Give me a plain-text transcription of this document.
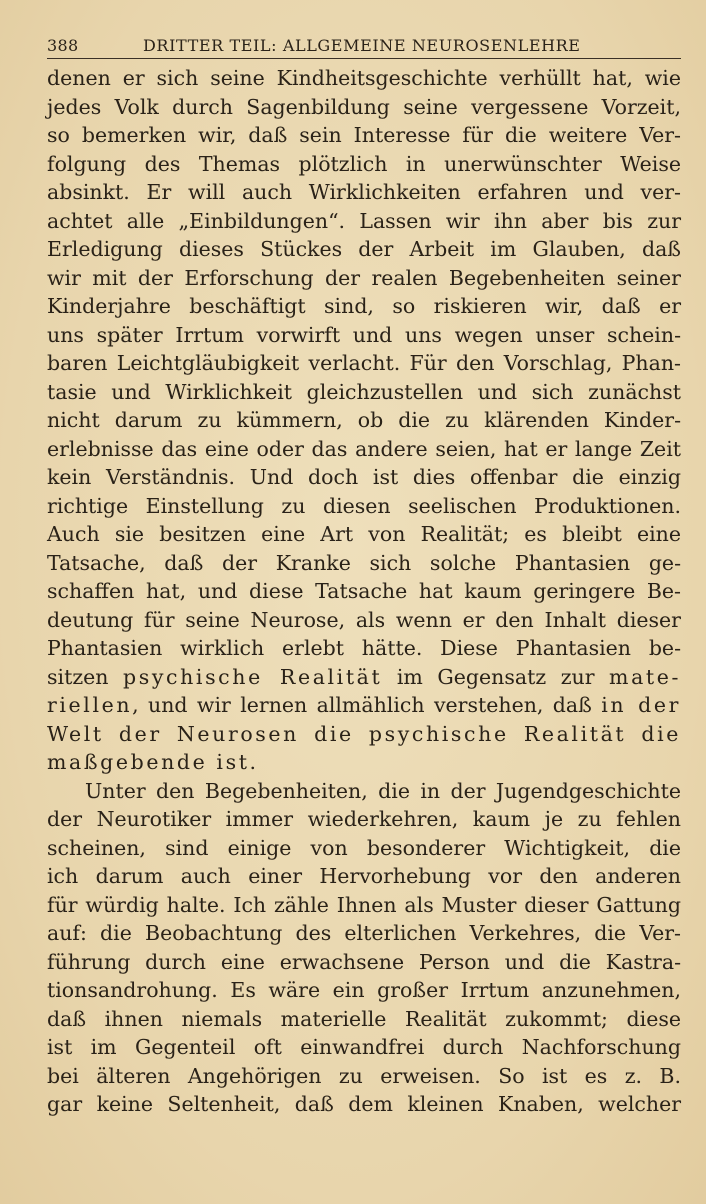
388	DRITTER TEIL: ALLGEMEINE NEUROSENLEHRE
denen er sich seine Kindheitsgeschichte verhüllt hat, wie
jedes Volk durch Sagenbildung seine vergessene Vorzeit,
so bemerken wir, daß sein Interesse für die weitere Ver-
folgung des Themas plötzlich in unerwünschter Weise
absinkt. Er will auch Wirklichkeiten erfahren und ver-
achtet alle „Einbildungen“. Lassen wir ihn aber bis zur
Erledigung dieses Stückes der Arbeit im Glauben, daß
wir mit der Erforschung der realen Begebenheiten seiner
Kinderjahre beschäftigt sind, so riskieren wir, daß er
uns später Irrtum vorwirft und uns wegen unser schein-
baren Leichtgläubigkeit verlacht. Für den Vorschlag, Phan-
tasie und Wirklichkeit gleichzustellen und sich zunächst
nicht darum zu kümmern, ob die zu klärenden Kinder-
erlebnisse das eine oder das andere seien, hat er lange Zeit
kein Verständnis. Und doch ist dies offenbar die einzig
richtige Einstellung zu diesen seelischen Produktionen.
Auch sie besitzen eine Art von Realität; es bleibt eine
Tatsache, daß der Kranke sich solche Phantasien ge-
schaffen hat, und diese Tatsache hat kaum geringere Be-
deutung für seine Neurose, als wenn er den Inhalt dieser
Phantasien wirklich erlebt hätte. Diese Phantasien be-
sitzen psychische Realität im Gegensatz zur mate-
riellen, und wir lernen allmählich verstehen, daß in der
Welt der Neurosen die psychische Realität die
maßgebende ist.
Unter den Begebenheiten, die in der Jugendgeschichte
der Neurotiker immer wiederkehren, kaum je zu fehlen
scheinen, sind einige von besonderer Wichtigkeit, die
ich darum auch einer Hervorhebung vor den anderen
für würdig halte. Ich zähle Ihnen als Muster dieser Gattung
auf: die Beobachtung des elterlichen Verkehres, die Ver-
führung durch eine erwachsene Person und die Kastra-
tionsandrohung. Es wäre ein großer Irrtum anzunehmen,
daß ihnen niemals materielle Realität zukommt; diese
ist im Gegenteil oft einwandfrei durch Nachforschung
bei älteren Angehörigen zu erweisen. So ist es z. B.
gar keine Seltenheit, daß dem kleinen Knaben, welcher
